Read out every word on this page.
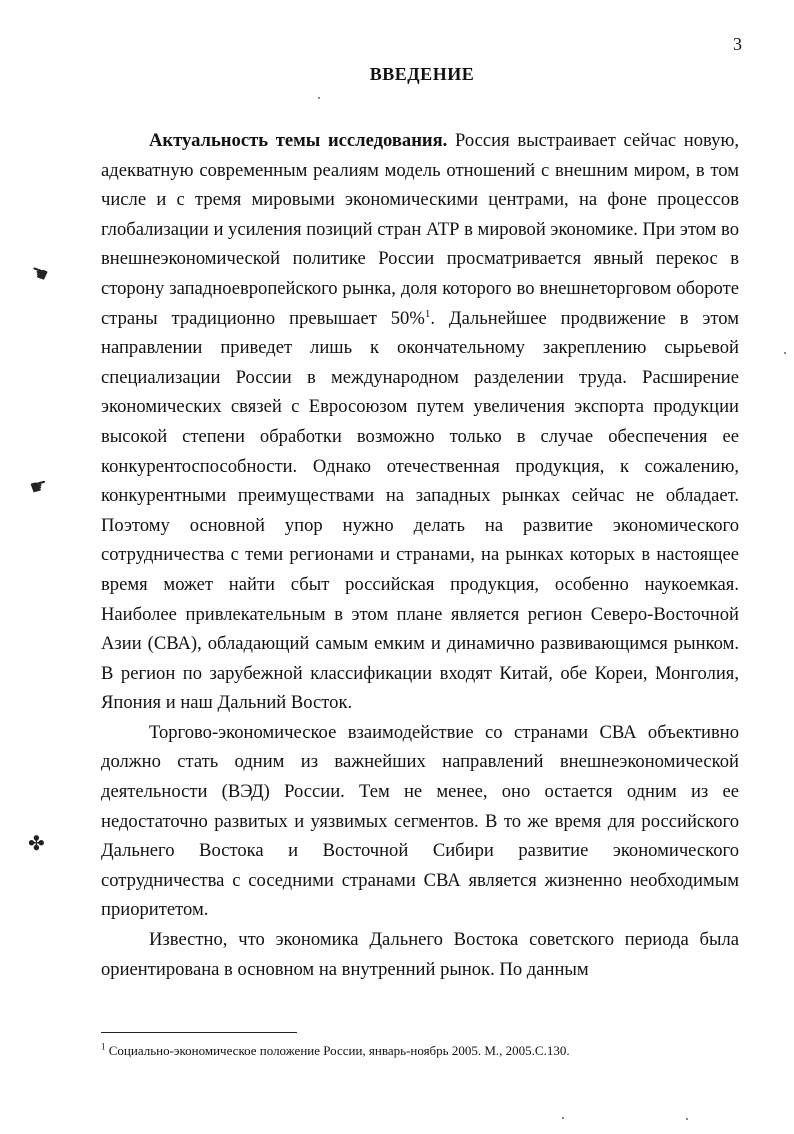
3
ВВЕДЕНИЕ

Актуальность темы исследования. Россия выстраивает сейчас новую, адекватную современным реалиям модель отношений с внешним миром, в том числе и с тремя мировыми экономическими центрами, на фоне процессов глобализации и усиления позиций стран АТР в мировой экономике. При этом во внешнеэкономической политике России просматривается явный перекос в сторону западноевропейского рынка, доля которого во внешнеторговом обороте страны традиционно превышает 50%$^1$. Дальнейшее продвижение в этом направлении приведет лишь к окончательному закреплению сырьевой специализации России в международном разделении труда. Расширение экономических связей с Евросоюзом путем увеличения экспорта продукции высокой степени обработки возможно только в случае обеспечения ее конкурентоспособности. Однако отечественная продукция, к сожалению, конкурентными преимуществами на западных рынках сейчас не обладает. Поэтому основной упор нужно делать на развитие экономического сотрудничества с теми регионами и странами, на рынках которых в настоящее время может найти сбыт российская продукция, особенно наукоемкая. Наиболее привлекательным в этом плане является регион Северо-Восточной Азии (СВА), обладающий самым емким и динамично развивающимся рынком. В регион по зарубежной классификации входят Китай, обе Кореи, Монголия, Япония и наш Дальний Восток.

Торгово-экономическое взаимодействие со странами СВА объективно должно стать одним из важнейших направлений внешнеэкономической деятельности (ВЭД) России. Тем не менее, оно остается одним из ее недостаточно развитых и уязвимых сегментов. В то же время для российского Дальнего Востока и Восточной Сибири развитие экономического сотрудничества с соседними странами СВА является жизненно необходимым приоритетом.

Известно, что экономика Дальнего Востока советского периода была ориентирована в основном на внутренний рынок. По данным

$^1$ Социально-экономическое положение России, январь-ноябрь 2005. М., 2005.С.130.
☛
☛
✤
